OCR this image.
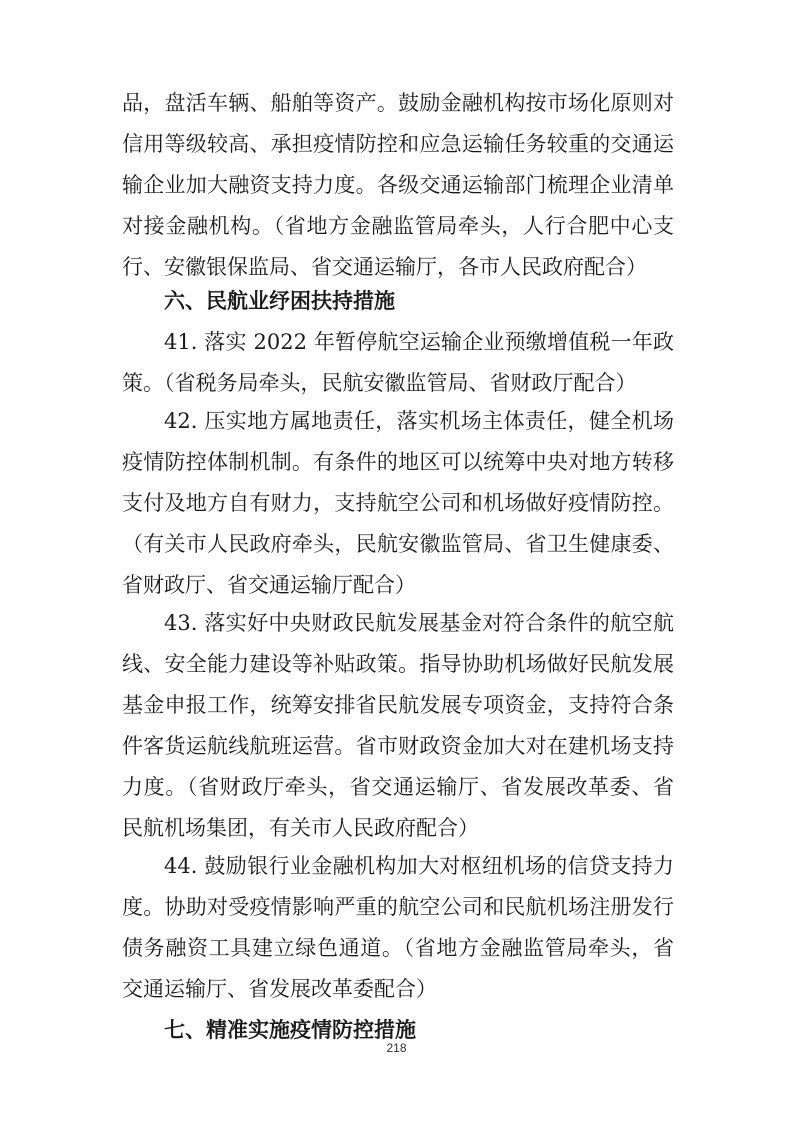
品，盘活车辆、船舶等资产。鼓励金融机构按市场化原则对
信用等级较高、承担疫情防控和应急运输任务较重的交通运
输企业加大融资支持力度。各级交通运输部门梳理企业清单
对接金融机构。（省地方金融监管局牵头，人行合肥中心支
行、安徽银保监局、省交通运输厅，各市人民政府配合）
六、民航业纾困扶持措施
41. 落实 2022 年暂停航空运输企业预缴增值税一年政
策。（省税务局牵头，民航安徽监管局、省财政厅配合）
42. 压实地方属地责任，落实机场主体责任，健全机场
疫情防控体制机制。有条件的地区可以统筹中央对地方转移
支付及地方自有财力，支持航空公司和机场做好疫情防控。
（有关市人民政府牵头，民航安徽监管局、省卫生健康委、
省财政厅、省交通运输厅配合）
43. 落实好中央财政民航发展基金对符合条件的航空航
线、安全能力建设等补贴政策。指导协助机场做好民航发展
基金申报工作，统筹安排省民航发展专项资金，支持符合条
件客货运航线航班运营。省市财政资金加大对在建机场支持
力度。（省财政厅牵头，省交通运输厅、省发展改革委、省
民航机场集团，有关市人民政府配合）
44. 鼓励银行业金融机构加大对枢纽机场的信贷支持力
度。协助对受疫情影响严重的航空公司和民航机场注册发行
债务融资工具建立绿色通道。（省地方金融监管局牵头，省
交通运输厅、省发展改革委配合）
七、精准实施疫情防控措施
218
